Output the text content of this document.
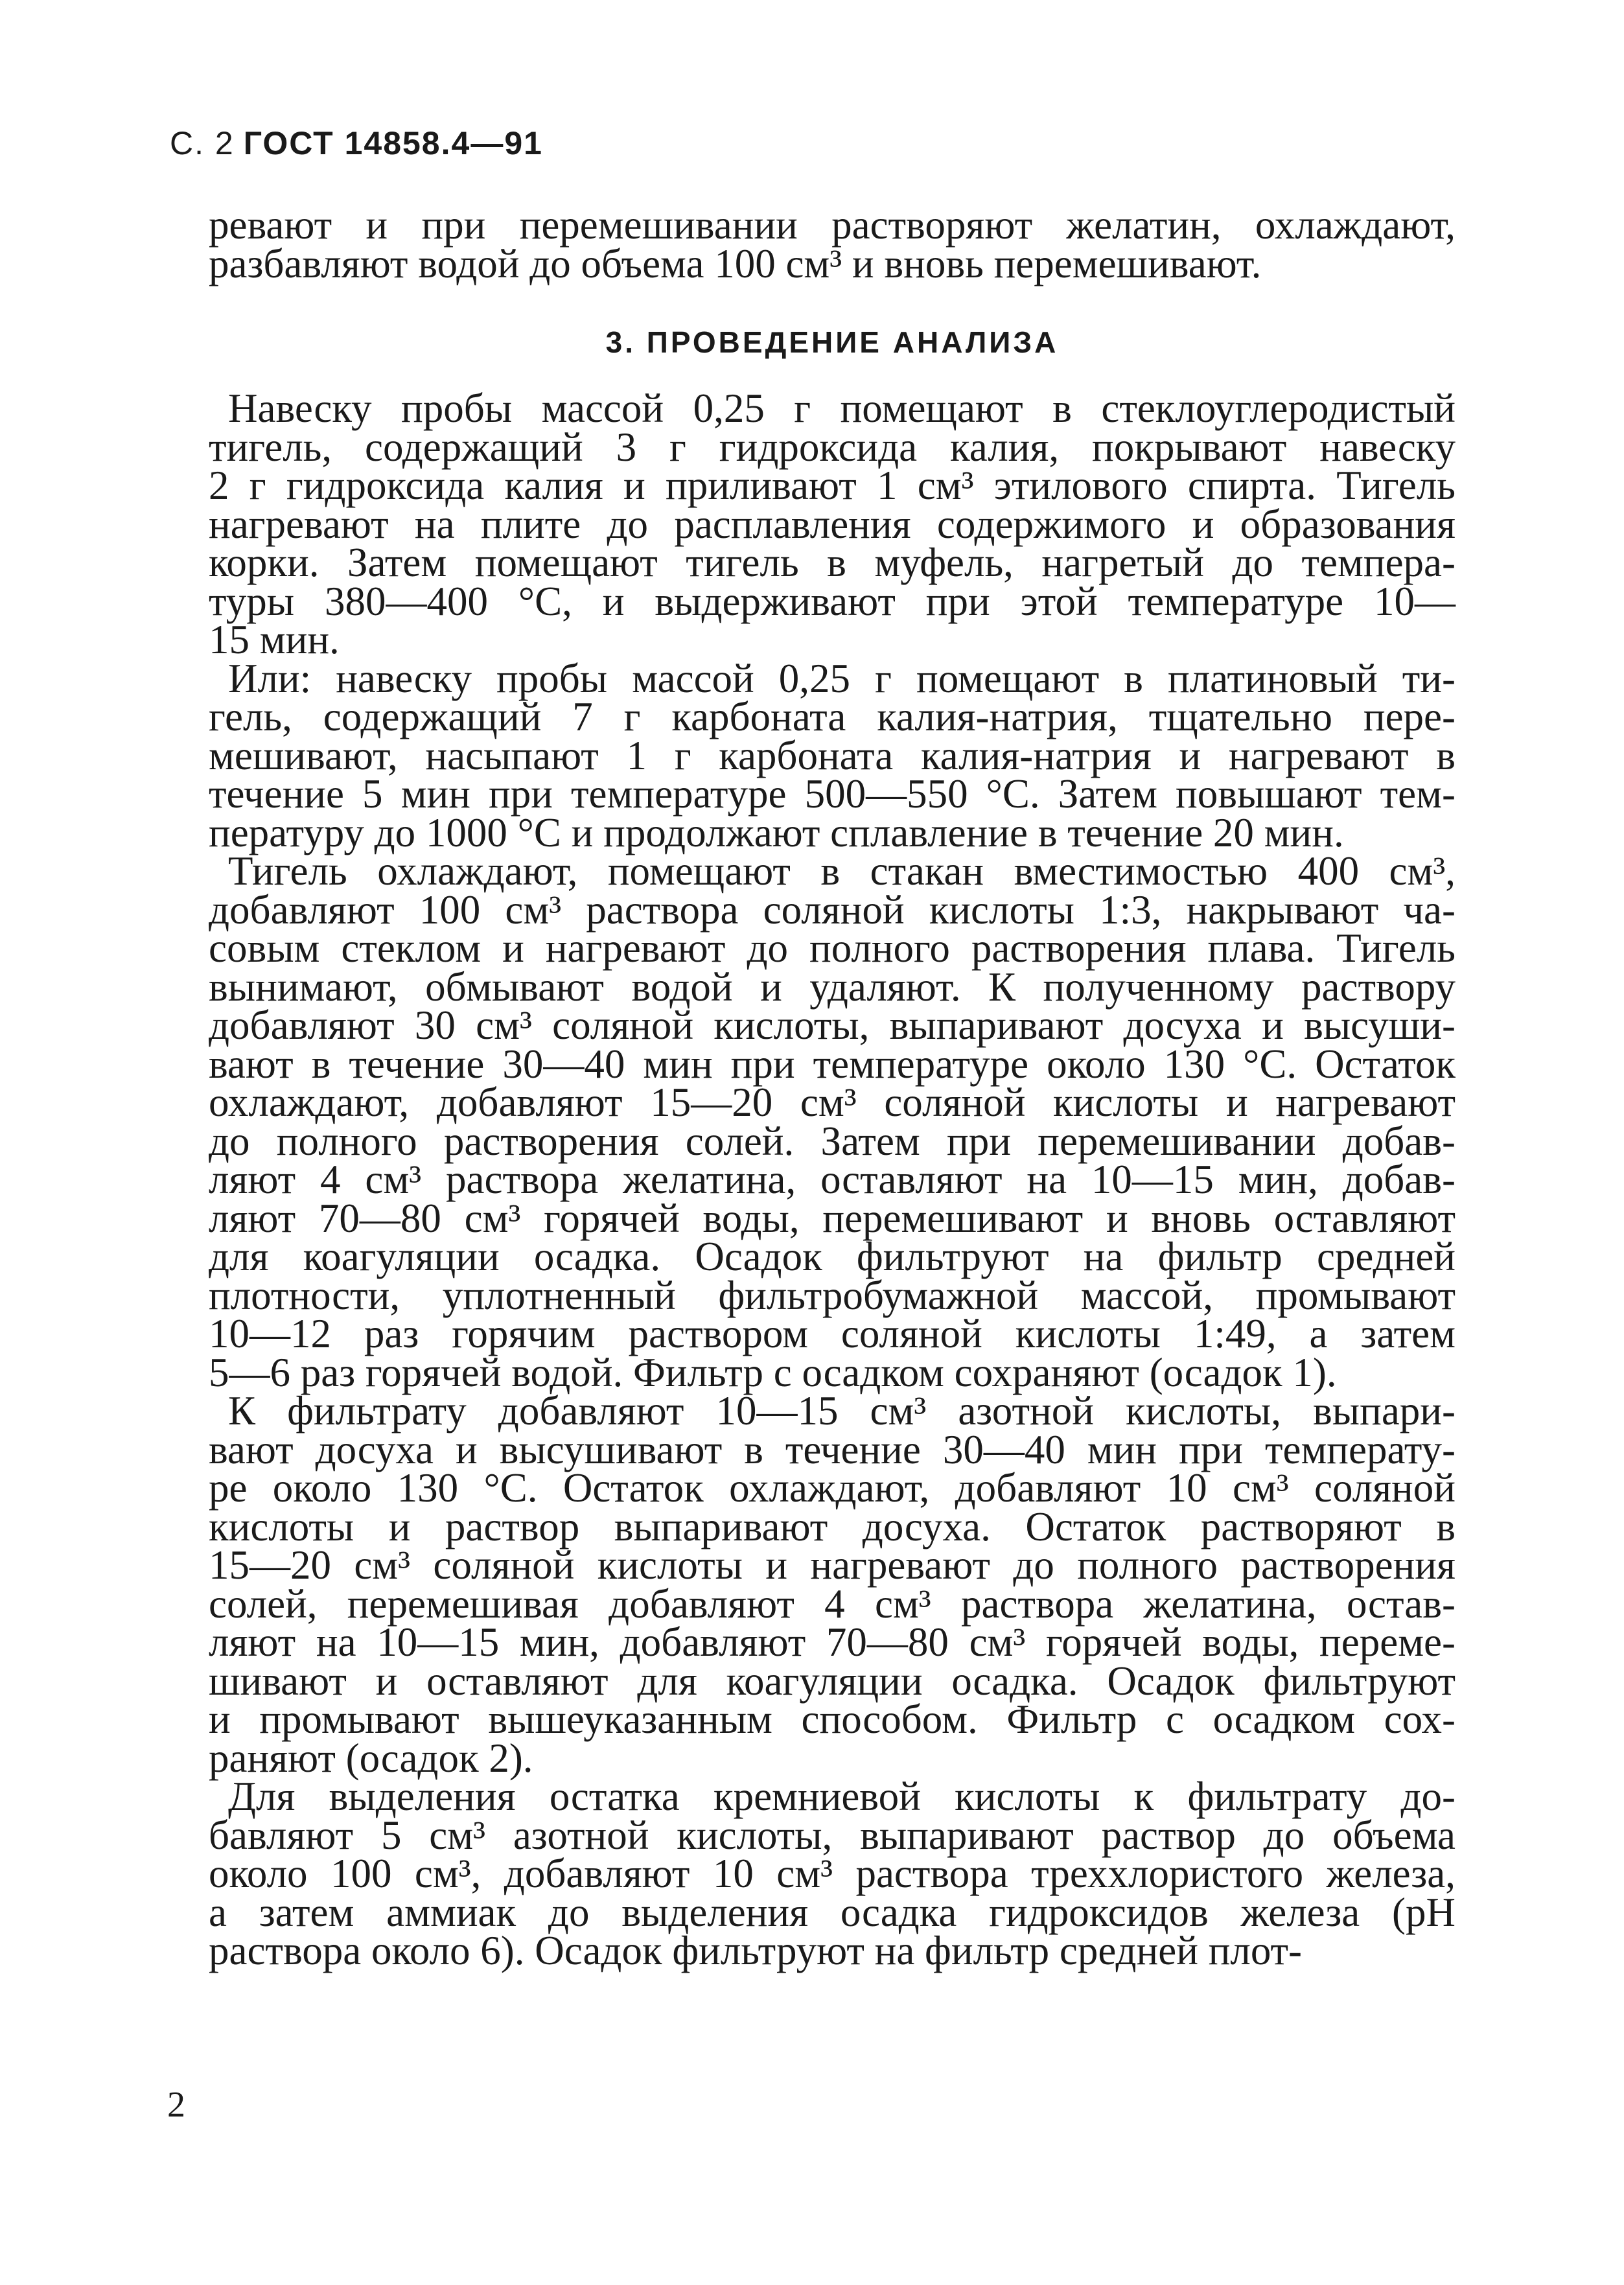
С. 2 ГОСТ 14858.4—91
ревают и при перемешивании растворяют желатин, охлаждают,
разбавляют водой до объема 100 см³ и вновь перемешивают.
3. ПРОВЕДЕНИЕ АНАЛИЗА
Навеску пробы массой 0,25 г помещают в стеклоуглеродистый
тигель, содержащий 3 г гидроксида калия, покрывают навеску
2 г гидроксида калия и приливают 1 см³ этилового спирта. Тигель
нагревают на плите до расплавления содержимого и образования
корки. Затем помещают тигель в муфель, нагретый до темпера-
туры 380—400 °С, и выдерживают при этой температуре 10—
15 мин.
Или: навеску пробы массой 0,25 г помещают в платиновый ти-
гель, содержащий 7 г карбоната калия-натрия, тщательно пере-
мешивают, насыпают 1 г карбоната калия-натрия и нагревают в
течение 5 мин при температуре 500—550 °С. Затем повышают тем-
пературу до 1000 °С и продолжают сплавление в течение 20 мин.
Тигель охлаждают, помещают в стакан вместимостью 400 см³,
добавляют 100 см³ раствора соляной кислоты 1:3, накрывают ча-
совым стеклом и нагревают до полного растворения плава. Тигель
вынимают, обмывают водой и удаляют. К полученному раствору
добавляют 30 см³ соляной кислоты, выпаривают досуха и высуши-
вают в течение 30—40 мин при температуре около 130 °С. Остаток
охлаждают, добавляют 15—20 см³ соляной кислоты и нагревают
до полного растворения солей. Затем при перемешивании добав-
ляют 4 см³ раствора желатина, оставляют на 10—15 мин, добав-
ляют 70—80 см³ горячей воды, перемешивают и вновь оставляют
для коагуляции осадка. Осадок фильтруют на фильтр средней
плотности, уплотненный фильтробумажной массой, промывают
10—12 раз горячим раствором соляной кислоты 1:49, а затем
5—6 раз горячей водой. Фильтр с осадком сохраняют (осадок 1).
К фильтрату добавляют 10—15 см³ азотной кислоты, выпари-
вают досуха и высушивают в течение 30—40 мин при температу-
ре около 130 °С. Остаток охлаждают, добавляют 10 см³ соляной
кислоты и раствор выпаривают досуха. Остаток растворяют в
15—20 см³ соляной кислоты и нагревают до полного растворения
солей, перемешивая добавляют 4 см³ раствора желатина, остав-
ляют на 10—15 мин, добавляют 70—80 см³ горячей воды, переме-
шивают и оставляют для коагуляции осадка. Осадок фильтруют
и промывают вышеуказанным способом. Фильтр с осадком сох-
раняют (осадок 2).
Для выделения остатка кремниевой кислоты к фильтрату до-
бавляют 5 см³ азотной кислоты, выпаривают раствор до объема
около 100 см³, добавляют 10 см³ раствора треххлористого железа,
а затем аммиак до выделения осадка гидроксидов железа (pH
раствора около 6). Осадок фильтруют на фильтр средней плот-
2
